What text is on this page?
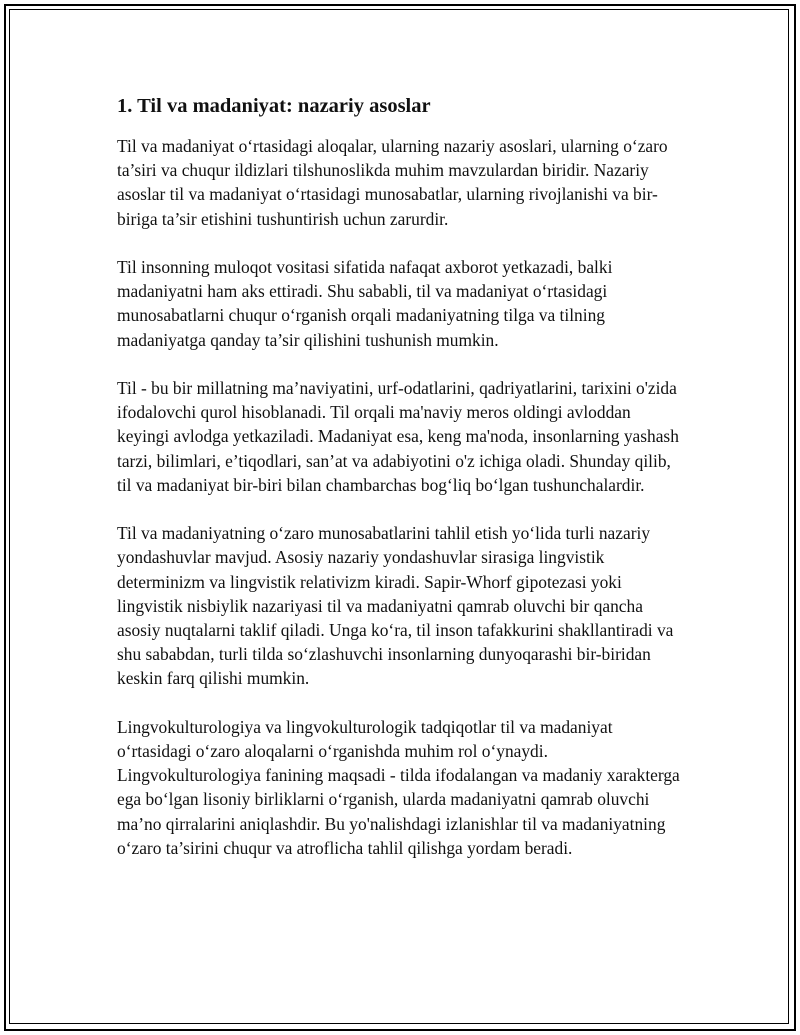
1. Til va madaniyat: nazariy asoslar

Til va madaniyat o‘rtasidagi aloqalar, ularning nazariy asoslari, ularning o‘zaro ta’siri va chuqur ildizlari tilshunoslikda muhim mavzulardan biridir. Nazariy asoslar til va madaniyat o‘rtasidagi munosabatlar, ularning rivojlanishi va bir-biriga ta’sir etishini tushuntirish uchun zarurdir.

Til insonning muloqot vositasi sifatida nafaqat axborot yetkazadi, balki madaniyatni ham aks ettiradi. Shu sababli, til va madaniyat o‘rtasidagi munosabatlarni chuqur o‘rganish orqali madaniyatning tilga va tilning madaniyatga qanday ta’sir qilishini tushunish mumkin.

Til - bu bir millatning ma’naviyatini, urf-odatlarini, qadriyatlarini, tarixini o'zida ifodalovchi qurol hisoblanadi. Til orqali ma'naviy meros oldingi avloddan keyingi avlodga yetkaziladi. Madaniyat esa, keng ma'noda, insonlarning yashash tarzi, bilimlari, e’tiqodlari, san’at va adabiyotini o'z ichiga oladi. Shunday qilib, til va madaniyat bir-biri bilan chambarchas bog‘liq bo‘lgan tushunchalardir.

Til va madaniyatning o‘zaro munosabatlarini tahlil etish yo‘lida turli nazariy yondashuvlar mavjud. Asosiy nazariy yondashuvlar sirasiga lingvistik determinizm va lingvistik relativizm kiradi. Sapir-Whorf gipotezasi yoki lingvistik nisbiylik nazariyasi til va madaniyatni qamrab oluvchi bir qancha asosiy nuqtalarni taklif qiladi. Unga ko‘ra, til inson tafakkurini shakllantiradi va shu sababdan, turli tilda so‘zlashuvchi insonlarning dunyoqarashi bir-biridan keskin farq qilishi mumkin.

Lingvokulturologiya va lingvokulturologik tadqiqotlar til va madaniyat o‘rtasidagi o‘zaro aloqalarni o‘rganishda muhim rol o‘ynaydi. Lingvokulturologiya fanining maqsadi - tilda ifodalangan va madaniy xarakterga ega bo‘lgan lisoniy birliklarni o‘rganish, ularda madaniyatni qamrab oluvchi ma’no qirralarini aniqlashdir. Bu yo'nalishdagi izlanishlar til va madaniyatning o‘zaro ta’sirini chuqur va atroflicha tahlil qilishga yordam beradi.
